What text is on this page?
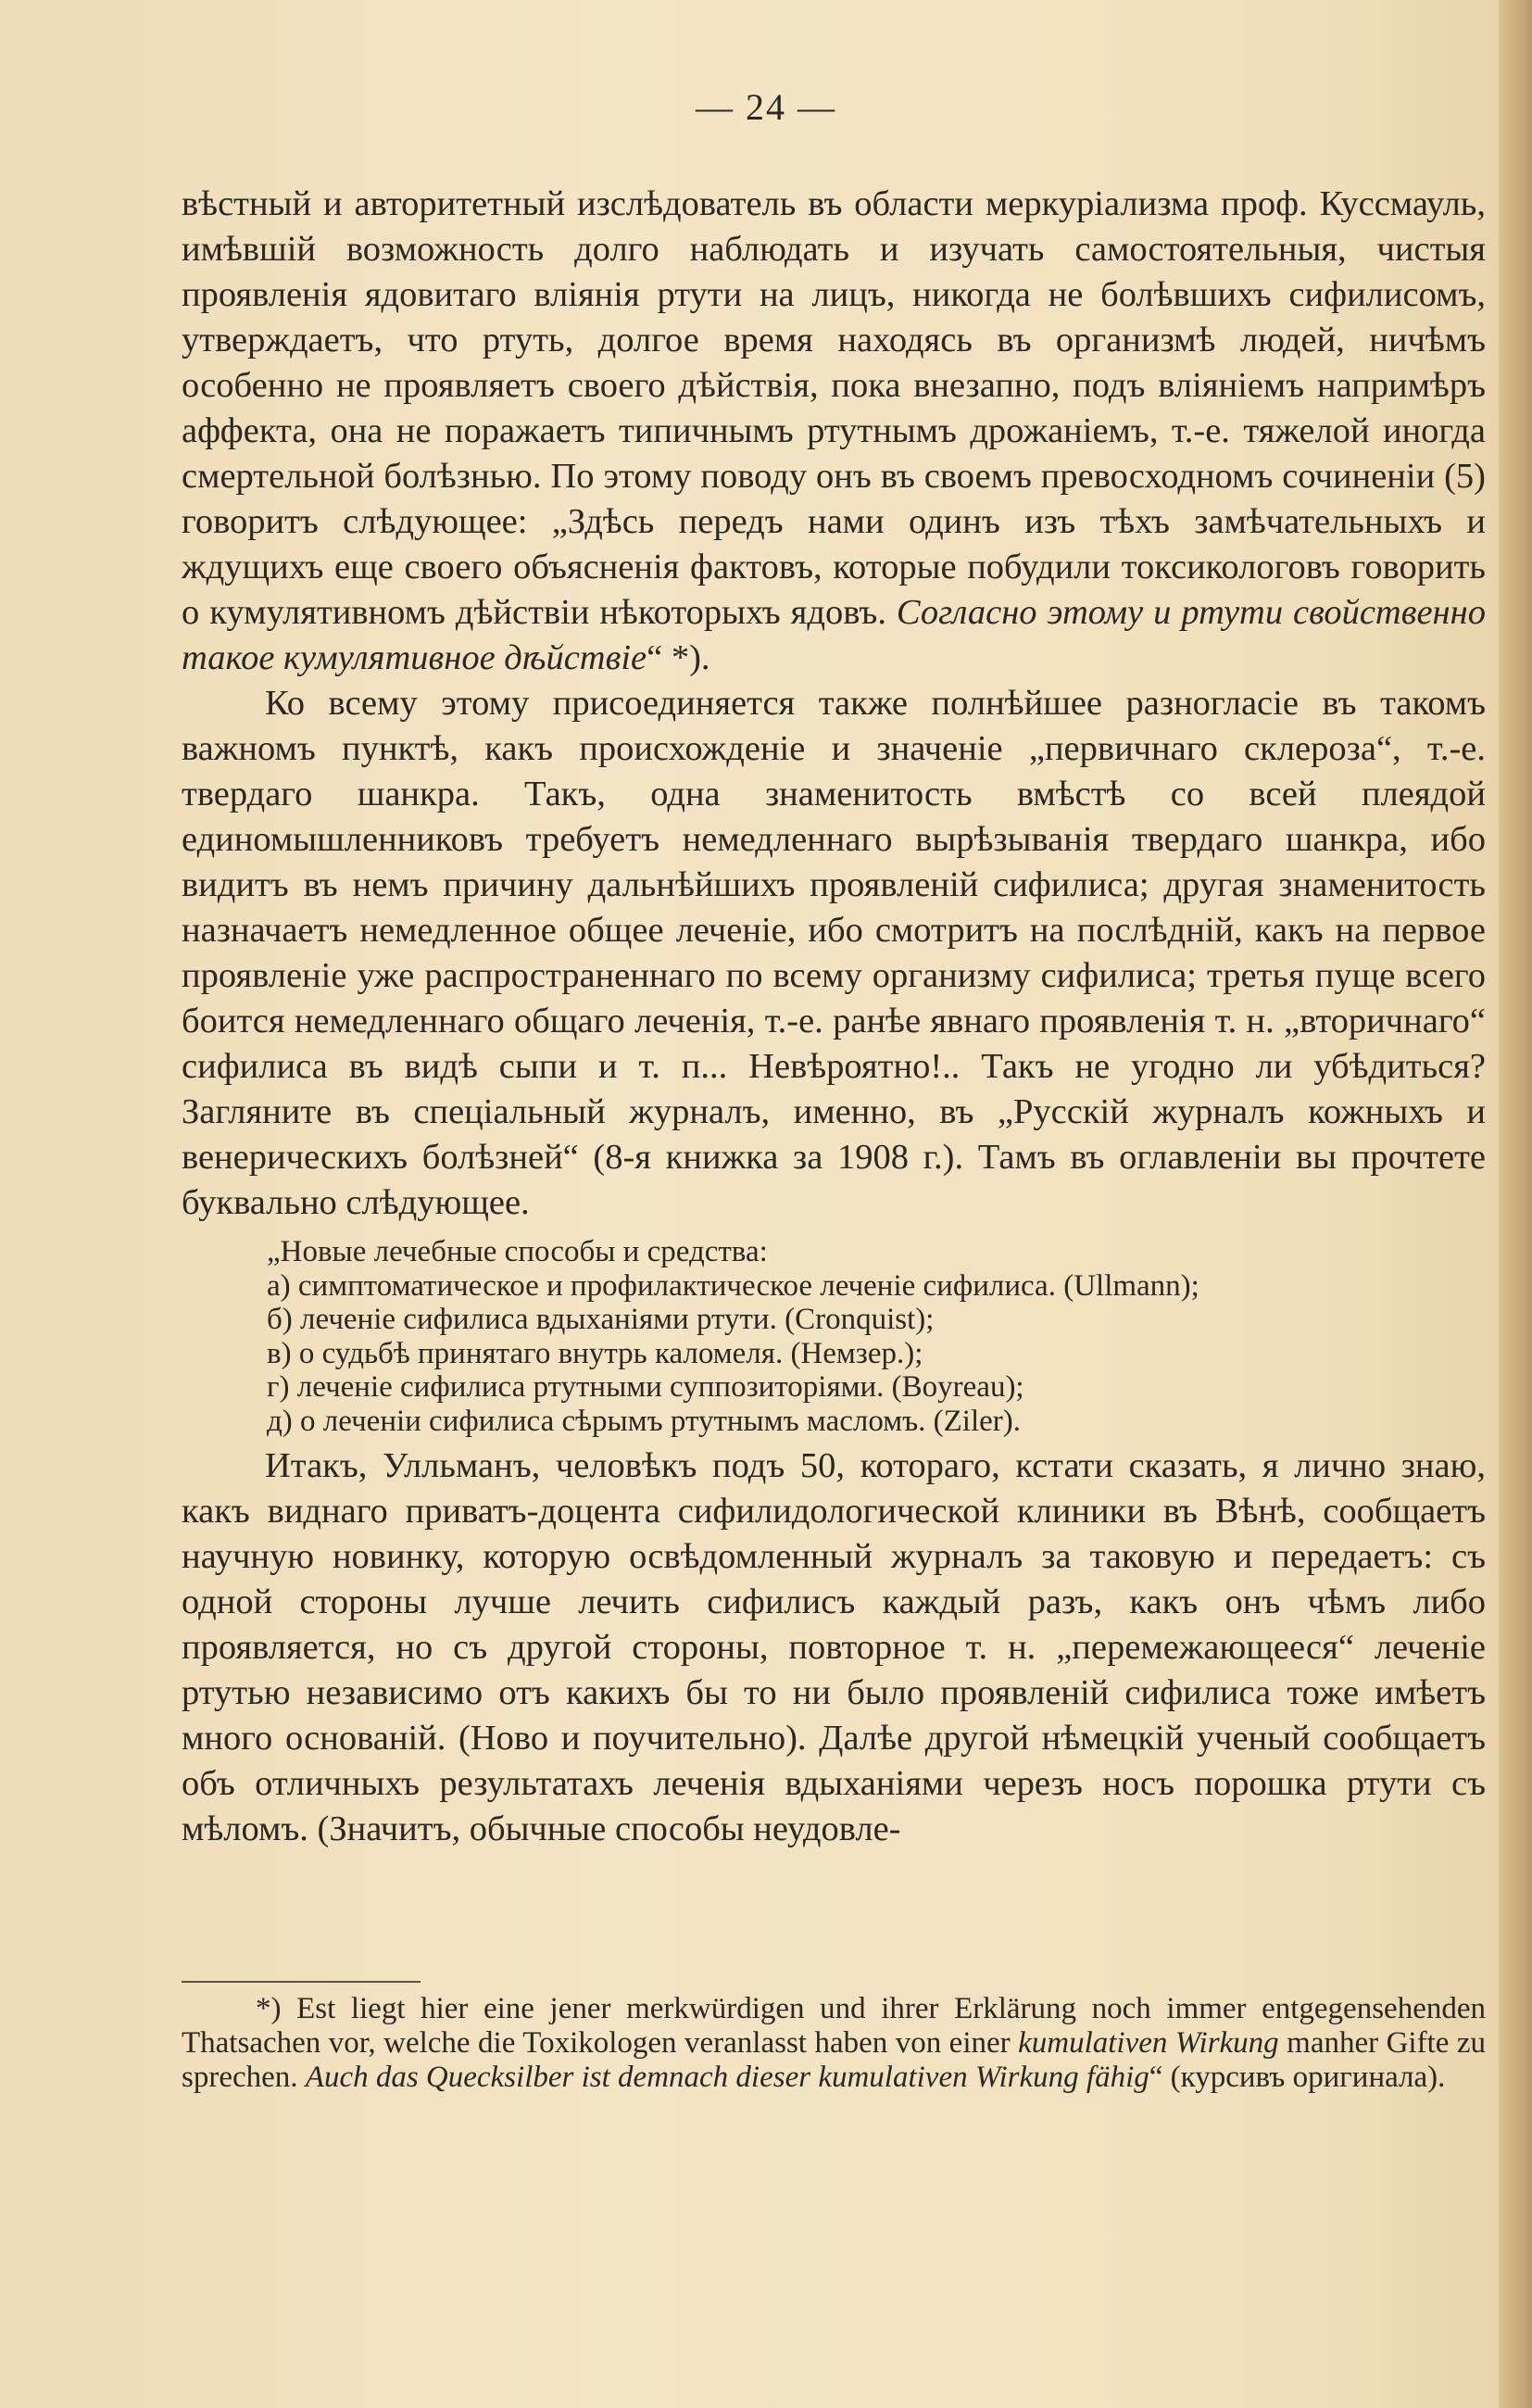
— 24 —

вѣстный и авторитетный изслѣдователь въ области меркуріализма проф. Куссмауль, имѣвшій возможность долго наблюдать и изучать самостоятельныя, чистыя проявленія ядовитаго вліянія ртути на лицъ, никогда не болѣвшихъ сифилисомъ, утверждаетъ, что ртуть, долгое время находясь въ организмѣ людей, ничѣмъ особенно не проявляетъ своего дѣйствія, пока внезапно, подъ вліяніемъ напримѣръ аффекта, она не поражаетъ типичнымъ ртутнымъ дрожаніемъ, т.-е. тяжелой иногда смертельной болѣзнью. По этому поводу онъ въ своемъ превосходномъ сочиненіи (5) говоритъ слѣдующее: „Здѣсь передъ нами одинъ изъ тѣхъ замѣчательныхъ и ждущихъ еще своего объясненія фактовъ, которые побудили токсикологовъ говорить о кумулятивномъ дѣйствіи нѣкоторыхъ ядовъ. Согласно этому и ртути свойственно такое кумулятивное дѣйствіе“ *).

Ко всему этому присоединяется также полнѣйшее разногласіе въ такомъ важномъ пунктѣ, какъ происхожденіе и значеніе „первичнаго склероза“, т.-е. твердаго шанкра. Такъ, одна знаменитость вмѣстѣ со всей плеядой единомышленниковъ требуетъ немедленнаго вырѣзыванія твердаго шанкра, ибо видитъ въ немъ причину дальнѣйшихъ проявленій сифилиса; другая знаменитость назначаетъ немедленное общее леченіе, ибо смотритъ на послѣдній, какъ на первое проявленіе уже распространеннаго по всему организму сифилиса; третья пуще всего боится немедленнаго общаго леченія, т.-е. ранѣе явнаго проявленія т. н. „вторичнаго“ сифилиса въ видѣ сыпи и т. п... Невѣроятно!.. Такъ не угодно ли убѣдиться? Загляните въ спеціальный журналъ, именно, въ „Русскій журналъ кожныхъ и венерическихъ болѣзней“ (8-я книжка за 1908 г.). Тамъ въ оглавленіи вы прочтете буквально слѣдующее.

„Новые лечебные способы и средства:
а) симптоматическое и профилактическое леченіе сифилиса. (Ullmann);
б) леченіе сифилиса вдыханіями ртути. (Cronquist);
в) о судьбѣ принятаго внутрь каломеля. (Немзер.);
г) леченіе сифилиса ртутными суппозиторіями. (Boyreau);
д) о леченіи сифилиса сѣрымъ ртутнымъ масломъ. (Ziler).

Итакъ, Улльманъ, человѣкъ подъ 50, котораго, кстати сказать, я лично знаю, какъ виднаго приватъ-доцента сифилидологической клиники въ Вѣнѣ, сообщаетъ научную новинку, которую освѣдомленный журналъ за таковую и передаетъ: съ одной стороны лучше лечить сифилисъ каждый разъ, какъ онъ чѣмъ либо проявляется, но съ другой стороны, повторное т. н. „перемежающееся“ леченіе ртутью независимо отъ какихъ бы то ни было проявленій сифилиса тоже имѣетъ много основаній. (Ново и поучительно). Далѣе другой нѣмецкій ученый сообщаетъ объ отличныхъ результатахъ леченія вдыханіями черезъ носъ порошка ртути съ мѣломъ. (Значитъ, обычные способы неудовле-

*) Est liegt hier eine jener merkwürdigen und ihrer Erklärung noch immer entgegensehenden Thatsachen vor, welche die Toxikologen veranlasst haben von einer kumulativen Wirkung manher Gifte zu sprechen. Auch das Quecksilber ist demnach dieser kumulativen Wirkung fähig“ (курсивъ оригинала).
